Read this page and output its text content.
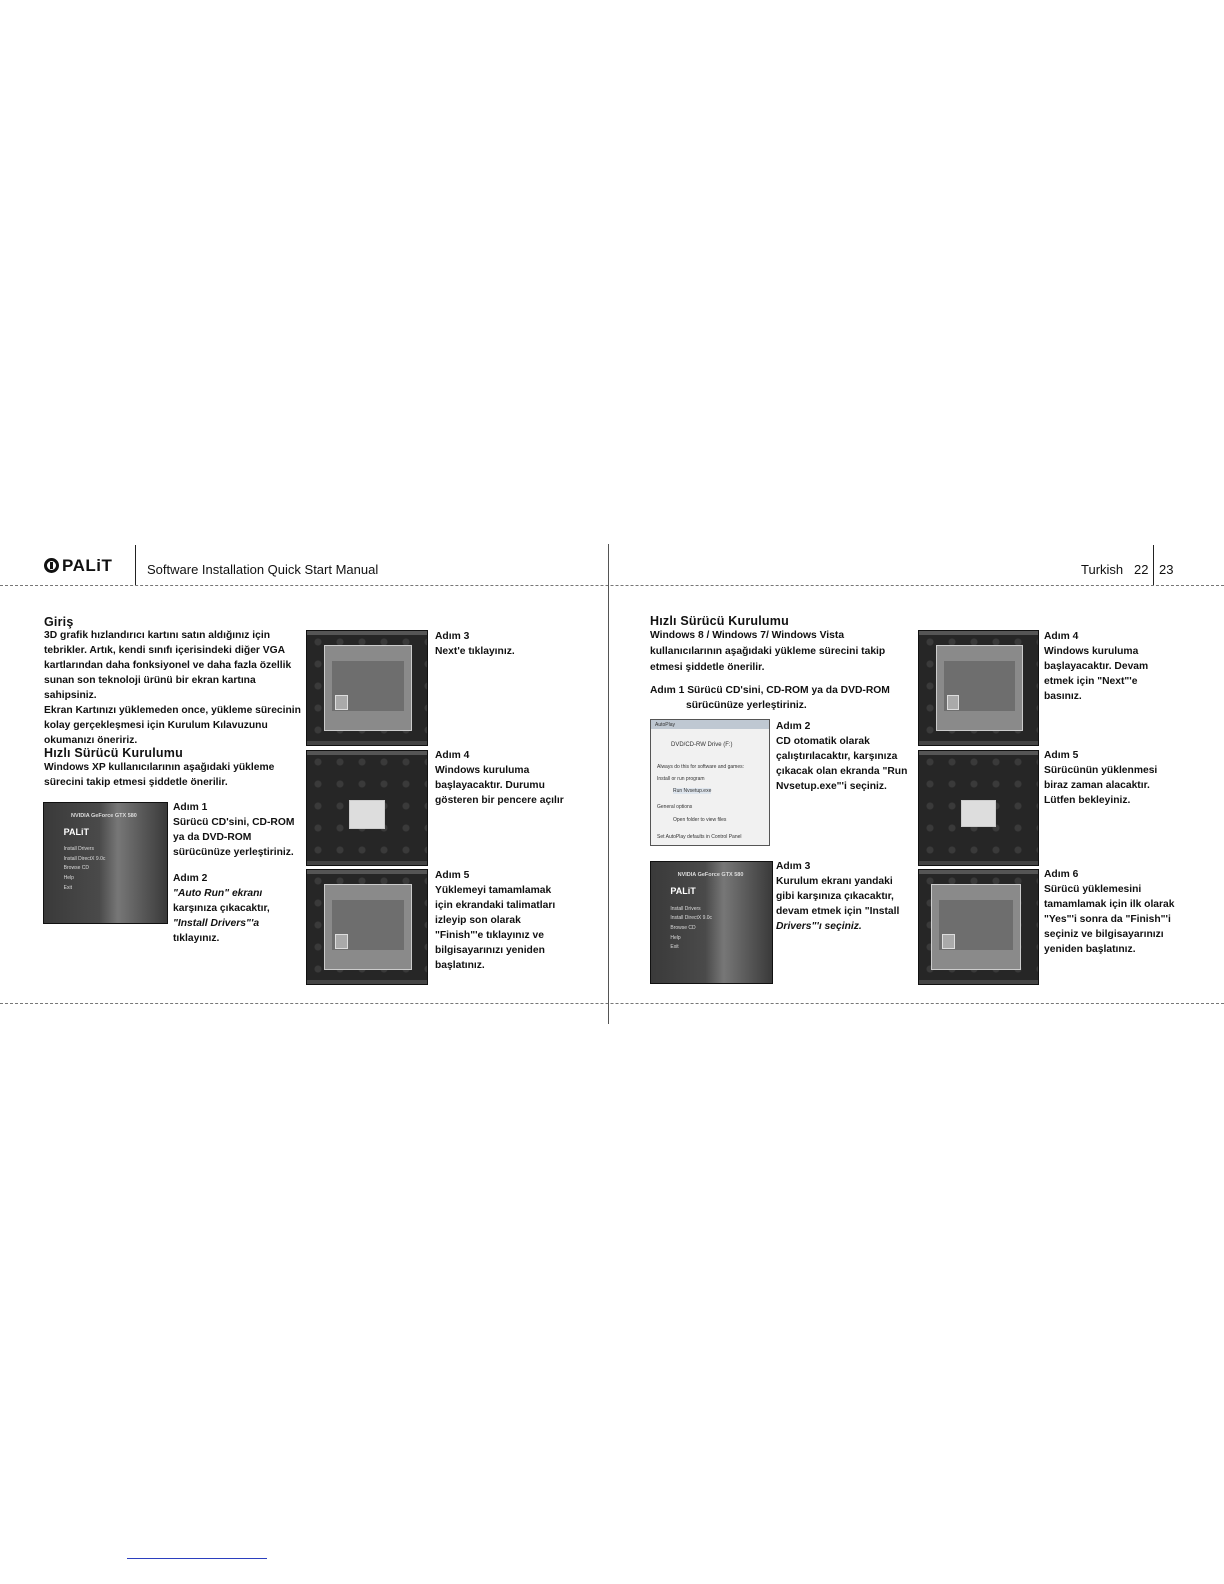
PALiT	Software Installation Quick Start Manual	Turkish 22 23
Giriş
3D grafik hızlandırıcı kartını satın aldığınız için
tebrikler. Artık, kendi sınıfı içerisindeki diğer VGA
kartlarından daha fonksiyonel ve daha fazla özellik
sunan son teknoloji ürünü bir ekran kartına
sahipsiniz.
Ekran Kartınızı yüklemeden once, yükleme sürecinin
kolay gerçekleşmesi için Kurulum Kılavuzunu
okumanızı öneririz.
Hızlı Sürücü Kurulumu
Windows XP kullanıcılarının aşağıdaki yükleme
sürecini takip etmesi şiddetle önerilir.
NVIDIA GeForce GTX 580
PALiT
Install Drivers
Install DirectX 9.0c
Browse CD
Help
Exit
Adım 1
Sürücü CD'sini, CD-ROM
ya da DVD-ROM
sürücünüze yerleştiriniz.
Adım 2
"Auto Run" ekranı
karşınıza çıkacaktır,
"Install Drivers"'a
tıklayınız.
Adım 3
Next'e tıklayınız.
Adım 4
Windows kuruluma
başlayacaktır. Durumu
gösteren bir pencere açılır
Adım 5
Yüklemeyi tamamlamak
için ekrandaki talimatları
izleyip son olarak
"Finish"'e tıklayınız ve
bilgisayarınızı yeniden
başlatınız.
Hızlı Sürücü Kurulumu
Windows 8 / Windows 7/ Windows Vista
kullanıcılarının aşağıdaki yükleme sürecini takip
etmesi şiddetle önerilir.
Adım 1 Sürücü CD'sini, CD-ROM ya da DVD-ROM
sürücünüze yerleştiriniz.
AutoPlay
DVD/CD-RW Drive (F:)
Always do this for software and games:
Install or run program
Run Nvsetup.exe
General options
Open folder to view files
Set AutoPlay defaults in Control Panel
Adım 2
CD otomatik olarak
çalıştırılacaktır, karşınıza
çıkacak olan ekranda "Run
Nvsetup.exe"'i seçiniz.
NVIDIA GeForce GTX 580
PALiT
Install Drivers
Install DirectX 9.0c
Browse CD
Help
Exit
Adım 3
Kurulum ekranı yandaki
gibi karşınıza çıkacaktır,
devam etmek için "Install
Drivers"'ı seçiniz.
Adım 4
Windows kuruluma
başlayacaktır. Devam
etmek için "Next"'e
basınız.
Adım 5
Sürücünün yüklenmesi
biraz zaman alacaktır.
Lütfen bekleyiniz.
Adım 6
Sürücü yüklemesini
tamamlamak için ilk olarak
"Yes"'i sonra da "Finish"'i
seçiniz ve bilgisayarınızı
yeniden başlatınız.
